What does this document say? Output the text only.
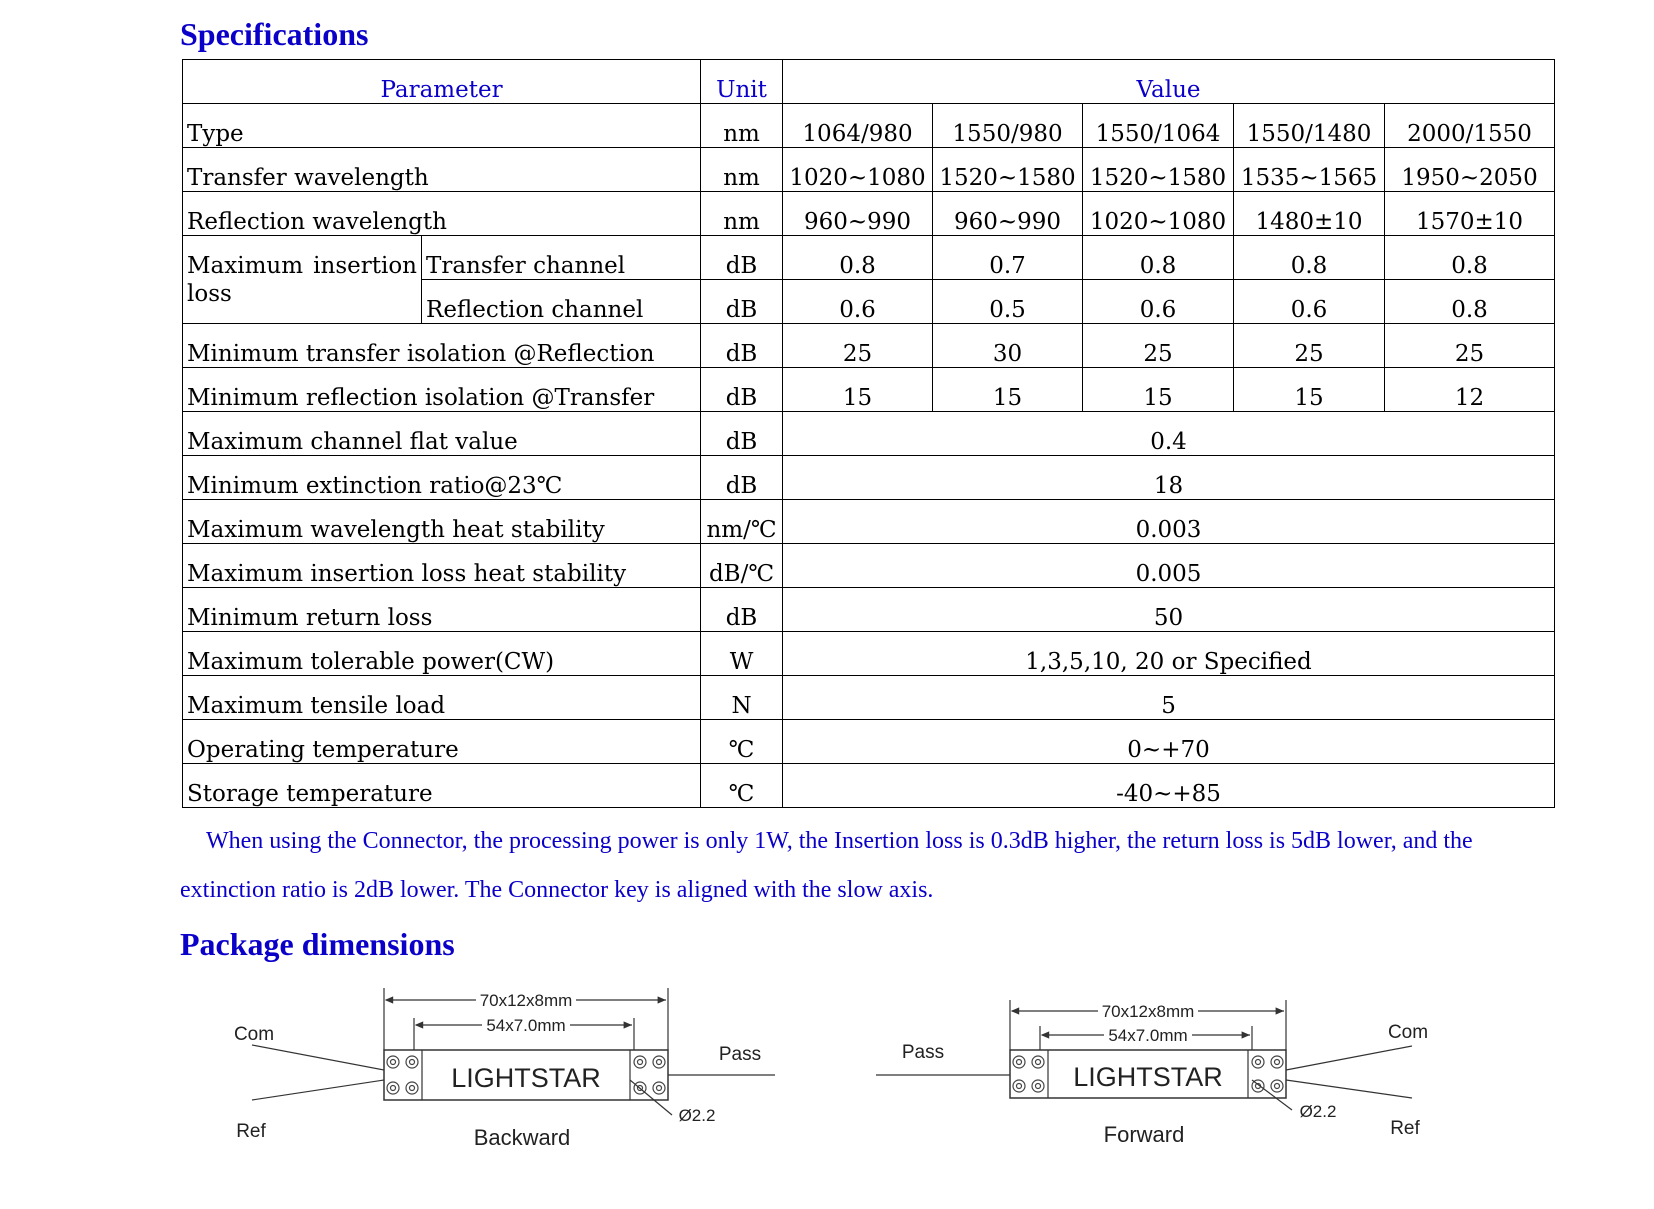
Specifications
Parameter		Unit	Value				
Type		nm	1064/980	1550/980	1550/1064	1550/1480	2000/1550
Transfer wavelength		nm	1020~1080	1520~1580	1520~1580	1535~1565	1950~2050
Reflection wavelength		nm	960~990	960~990	1020~1080	1480±10	1570±10

Maximum insertion
loss	Transfer channel	dB	0.8	0.7	0.8	0.8	0.8
	Reflection channel	dB	0.6	0.5	0.6	0.6	0.8
Minimum transfer isolation @Reflection		dB	25	30	25	25	25
Minimum reflection isolation @Transfer		dB	15	15	15	15	12
Maximum channel flat value		dB	0.4				
Minimum extinction ratio@23℃		dB	18				
Maximum wavelength heat stability		nm/℃	0.003				
Maximum insertion loss heat stability		dB/℃	0.005				
Minimum return loss		dB	50				
Maximum tolerable power(CW)		W	1,3,5,10, 20 or Specified				
Maximum tensile load		N	5				
Operating temperature		℃	0~+70				
Storage temperature		℃	-40~+85				

When using the Connector, the processing power is only 1W, the Insertion loss is 0.3dB higher, the return loss is 5dB lower, and the extinction ratio is 2dB lower. The Connector key is aligned with the slow axis.

Package dimensions
70x12x8mm
54x7.0mm
LIGHTSTAR
Com
Ref
Pass
Ø2.2
Backward
70x12x8mm
54x7.0mm
LIGHTSTAR
Pass
Com
Ref
Ø2.2
Forward
